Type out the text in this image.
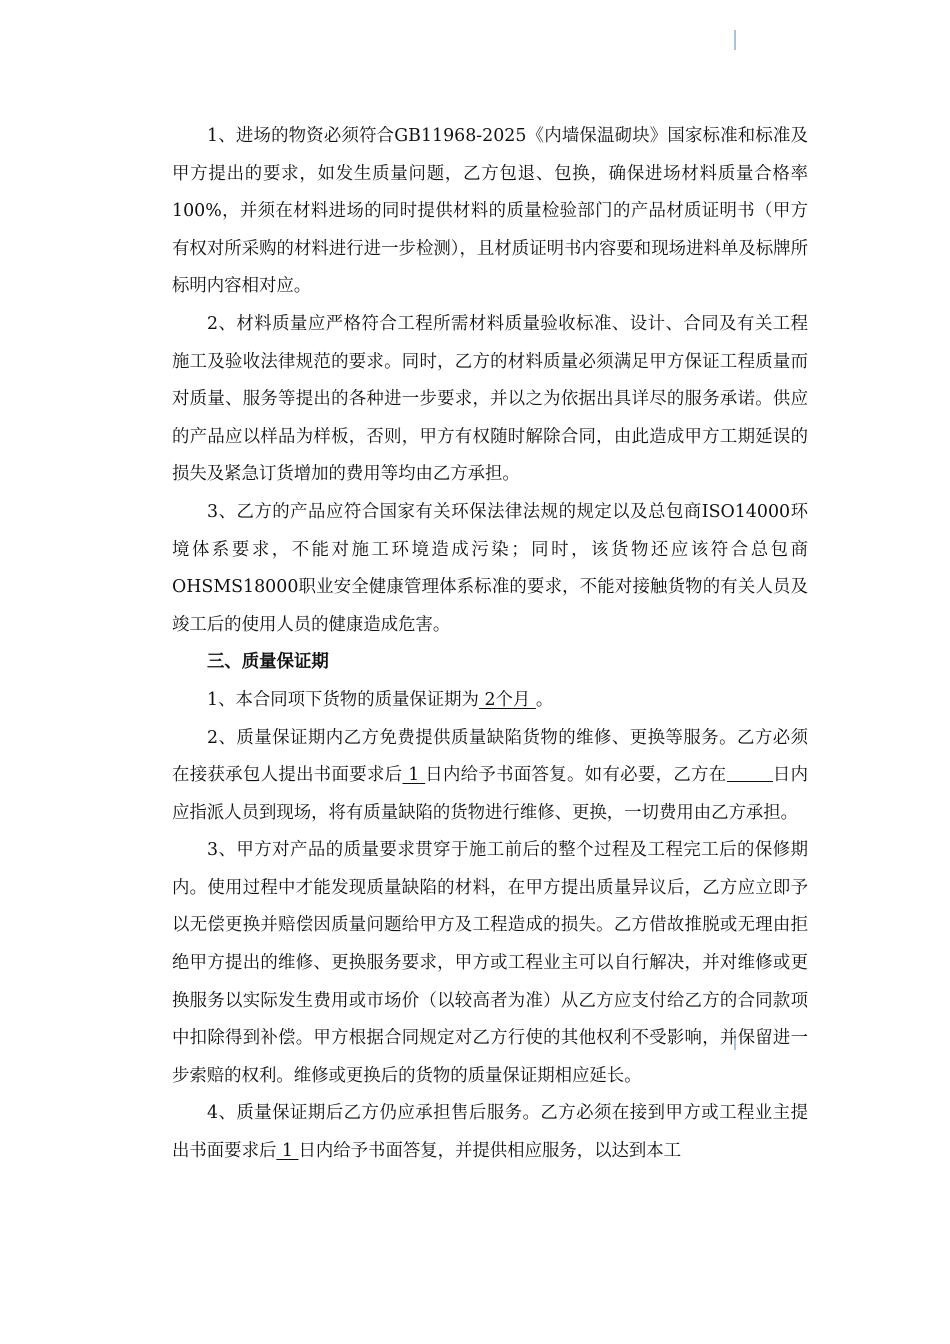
1、进场的物资必须符合GB11968-2025《内墙保温砌块》国家标准和标准及甲方提出的要求，如发生质量问题，乙方包退、包换，确保进场材料质量合格率100%，并须在材料进场的同时提供材料的质量检验部门的产品材质证明书（甲方有权对所采购的材料进行进一步检测），且材质证明书内容要和现场进料单及标牌所标明内容相对应。

2、材料质量应严格符合工程所需材料质量验收标准、设计、合同及有关工程施工及验收法律规范的要求。同时，乙方的材料质量必须满足甲方保证工程质量而对质量、服务等提出的各种进一步要求，并以之为依据出具详尽的服务承诺。供应的产品应以样品为样板，否则，甲方有权随时解除合同，由此造成甲方工期延误的损失及紧急订货增加的费用等均由乙方承担。

3、乙方的产品应符合国家有关环保法律法规的规定以及总包商ISO14000环境体系要求，不能对施工环境造成污染；同时，该货物还应该符合总包商OHSMS18000职业安全健康管理体系标准的要求，不能对接触货物的有关人员及竣工后的使用人员的健康造成危害。

三、质量保证期

1、本合同项下货物的质量保证期为 2个月 。

2、质量保证期内乙方免费提供质量缺陷货物的维修、更换等服务。乙方必须在接获承包人提出书面要求后 1 日内给予书面答复。如有必要，乙方在	日内应指派人员到现场，将有质量缺陷的货物进行维修、更换，一切费用由乙方承担。

3、甲方对产品的质量要求贯穿于施工前后的整个过程及工程完工后的保修期内。使用过程中才能发现质量缺陷的材料，在甲方提出质量异议后，乙方应立即予以无偿更换并赔偿因质量问题给甲方及工程造成的损失。乙方借故推脱或无理由拒绝甲方提出的维修、更换服务要求，甲方或工程业主可以自行解决，并对维修或更换服务以实际发生费用或市场价（以较高者为准）从乙方应支付给乙方的合同款项中扣除得到补偿。甲方根据合同规定对乙方行使的其他权利不受影响，并保留进一步索赔的权利。维修或更换后的货物的质量保证期相应延长。

4、质量保证期后乙方仍应承担售后服务。乙方必须在接到甲方或工程业主提出书面要求后 1 日内给予书面答复，并提供相应服务，以达到本工
